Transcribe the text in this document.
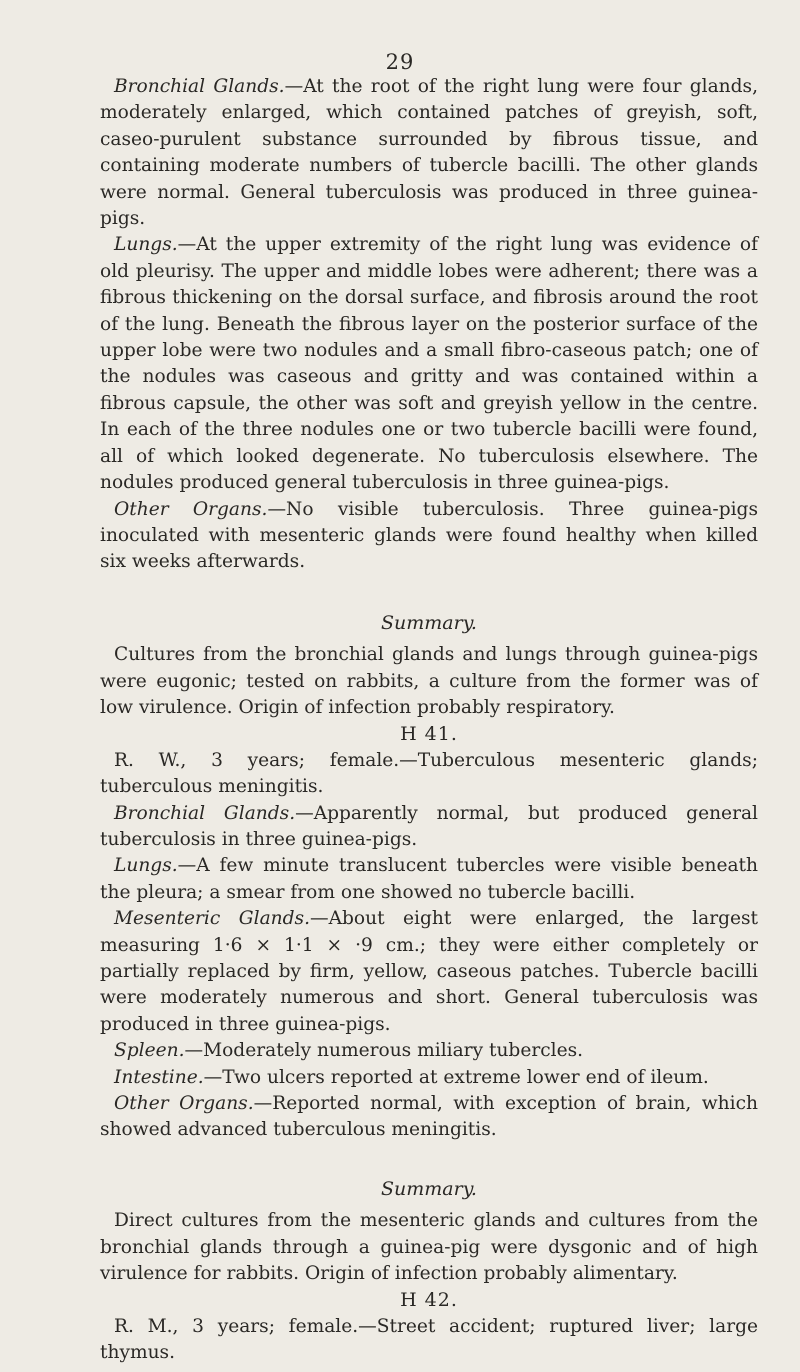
29

Bronchial Glands.—At the root of the right lung were four glands, moderately enlarged, which contained patches of greyish, soft, caseo-purulent substance surrounded by fibrous tissue, and containing moderate numbers of tubercle bacilli. The other glands were normal. General tuberculosis was produced in three guinea-pigs.

Lungs.—At the upper extremity of the right lung was evidence of old pleurisy. The upper and middle lobes were adherent; there was a fibrous thickening on the dorsal surface, and fibrosis around the root of the lung. Beneath the fibrous layer on the posterior surface of the upper lobe were two nodules and a small fibro-caseous patch; one of the nodules was caseous and gritty and was contained within a fibrous capsule, the other was soft and greyish yellow in the centre. In each of the three nodules one or two tubercle bacilli were found, all of which looked degenerate. No tuberculosis elsewhere. The nodules produced general tuberculosis in three guinea-pigs.

Other Organs.—No visible tuberculosis. Three guinea-pigs inoculated with mesenteric glands were found healthy when killed six weeks afterwards.

Summary.

Cultures from the bronchial glands and lungs through guinea-pigs were eugonic; tested on rabbits, a culture from the former was of low virulence. Origin of infection probably respiratory.

H 41.

R. W., 3 years; female.—Tuberculous mesenteric glands; tuberculous meningitis.

Bronchial Glands.—Apparently normal, but produced general tuberculosis in three guinea-pigs.

Lungs.—A few minute translucent tubercles were visible beneath the pleura; a smear from one showed no tubercle bacilli.

Mesenteric Glands.—About eight were enlarged, the largest measuring 1·6 × 1·1 × ·9 cm.; they were either completely or partially replaced by firm, yellow, caseous patches. Tubercle bacilli were moderately numerous and short. General tuberculosis was produced in three guinea-pigs.

Spleen.—Moderately numerous miliary tubercles.

Intestine.—Two ulcers reported at extreme lower end of ileum.

Other Organs.—Reported normal, with exception of brain, which showed advanced tuberculous meningitis.

Summary.

Direct cultures from the mesenteric glands and cultures from the bronchial glands through a guinea-pig were dysgonic and of high virulence for rabbits. Origin of infection probably alimentary.

H 42.

R. M., 3 years; female.—Street accident; ruptured liver; large thymus.
